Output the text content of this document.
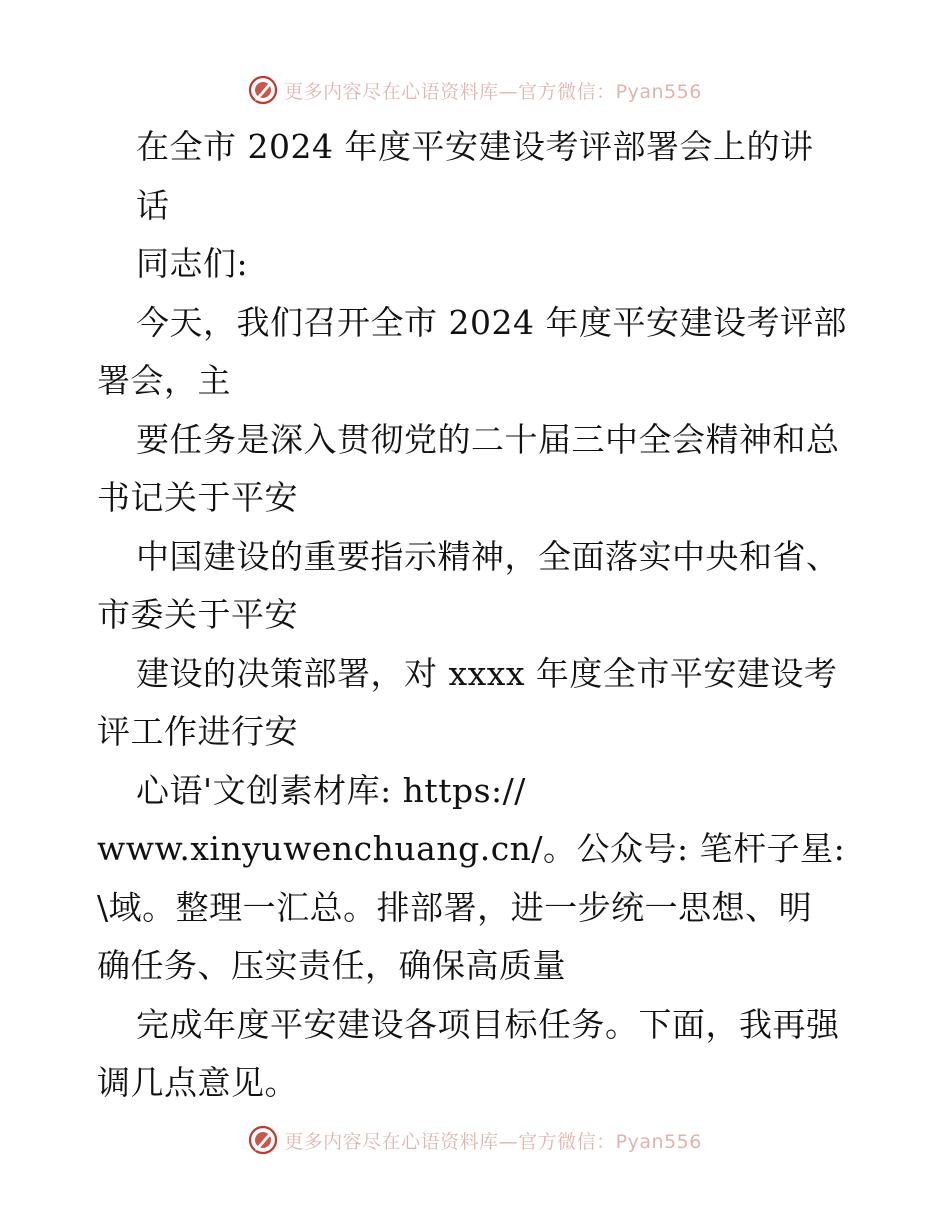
更多内容尽在心语资料库—官方微信：Pyan556
在全市 2024 年度平安建设考评部署会上的讲
话
同志们:
今天，我们召开全市 2024 年度平安建设考评部
署会，主
要任务是深入贯彻党的二十届三中全会精神和总
书记关于平安
中国建设的重要指示精神，全面落实中央和省、
市委关于平安
建设的决策部署，对 xxxx 年度全市平安建设考
评工作进行安
心语'文创素材库: https://
www.xinyuwenchuang.cn/。公众号: 笔杆子星:
\域。整理一汇总。排部署，进一步统一思想、明
确任务、压实责任，确保高质量
完成年度平安建设各项目标任务。下面，我再强
调几点意见。
更多内容尽在心语资料库—官方微信：Pyan556
